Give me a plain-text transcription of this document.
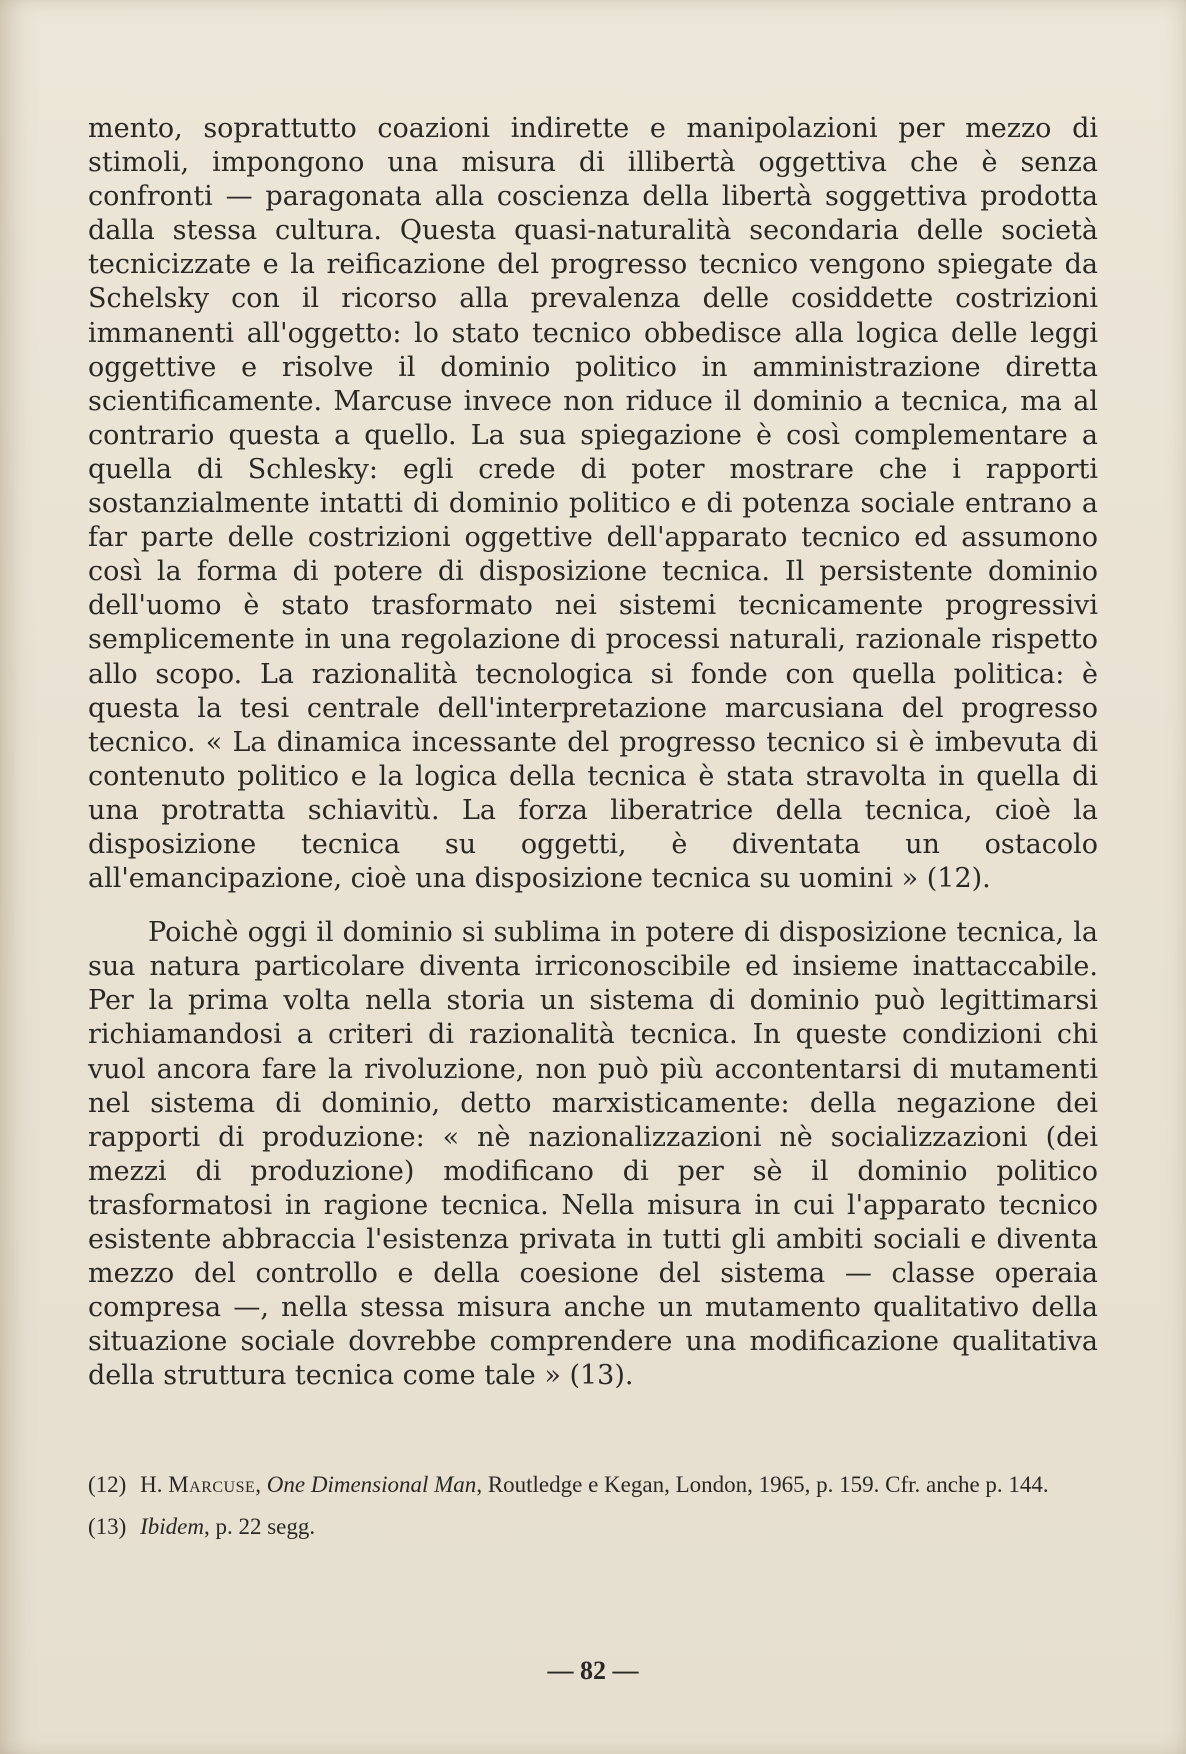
mento, soprattutto coazioni indirette e manipolazioni per mezzo di stimoli, impongono una misura di illibertà oggettiva che è senza confronti — paragonata alla coscienza della libertà soggettiva prodotta dalla stessa cultura. Questa quasi-naturalità secondaria delle società tecnicizzate e la reificazione del progresso tecnico vengono spiegate da Schelsky con il ricorso alla prevalenza delle cosiddette costrizioni immanenti all'oggetto: lo stato tecnico obbedisce alla logica delle leggi oggettive e risolve il dominio politico in amministrazione diretta scientificamente. Marcuse invece non riduce il dominio a tecnica, ma al contrario questa a quello. La sua spiegazione è così complementare a quella di Schlesky: egli crede di poter mostrare che i rapporti sostanzialmente intatti di dominio politico e di potenza sociale entrano a far parte delle costrizioni oggettive dell'apparato tecnico ed assumono così la forma di potere di disposizione tecnica. Il persistente dominio dell'uomo è stato trasformato nei sistemi tecnicamente progressivi semplicemente in una regolazione di processi naturali, razionale rispetto allo scopo. La razionalità tecnologica si fonde con quella politica: è questa la tesi centrale dell'interpretazione marcusiana del progresso tecnico. « La dinamica incessante del progresso tecnico si è imbevuta di contenuto politico e la logica della tecnica è stata stravolta in quella di una protratta schiavitù. La forza liberatrice della tecnica, cioè la disposizione tecnica su oggetti, è diventata un ostacolo all'emancipazione, cioè una disposizione tecnica su uomini » (12).

Poichè oggi il dominio si sublima in potere di disposizione tecnica, la sua natura particolare diventa irriconoscibile ed insieme inattaccabile. Per la prima volta nella storia un sistema di dominio può legittimarsi richiamandosi a criteri di razionalità tecnica. In queste condizioni chi vuol ancora fare la rivoluzione, non può più accontentarsi di mutamenti nel sistema di dominio, detto marxisticamente: della negazione dei rapporti di produzione: « nè nazionalizzazioni nè socializzazioni (dei mezzi di produzione) modificano di per sè il dominio politico trasformatosi in ragione tecnica. Nella misura in cui l'apparato tecnico esistente abbraccia l'esistenza privata in tutti gli ambiti sociali e diventa mezzo del controllo e della coesione del sistema — classe operaia compresa —, nella stessa misura anche un mutamento qualitativo della situazione sociale dovrebbe comprendere una modificazione qualitativa della struttura tecnica come tale » (13).

(12) H. Marcuse, One Dimensional Man, Routledge e Kegan, London, 1965, p. 159. Cfr. anche p. 144.

(13) Ibidem, p. 22 segg.

— 82 —
